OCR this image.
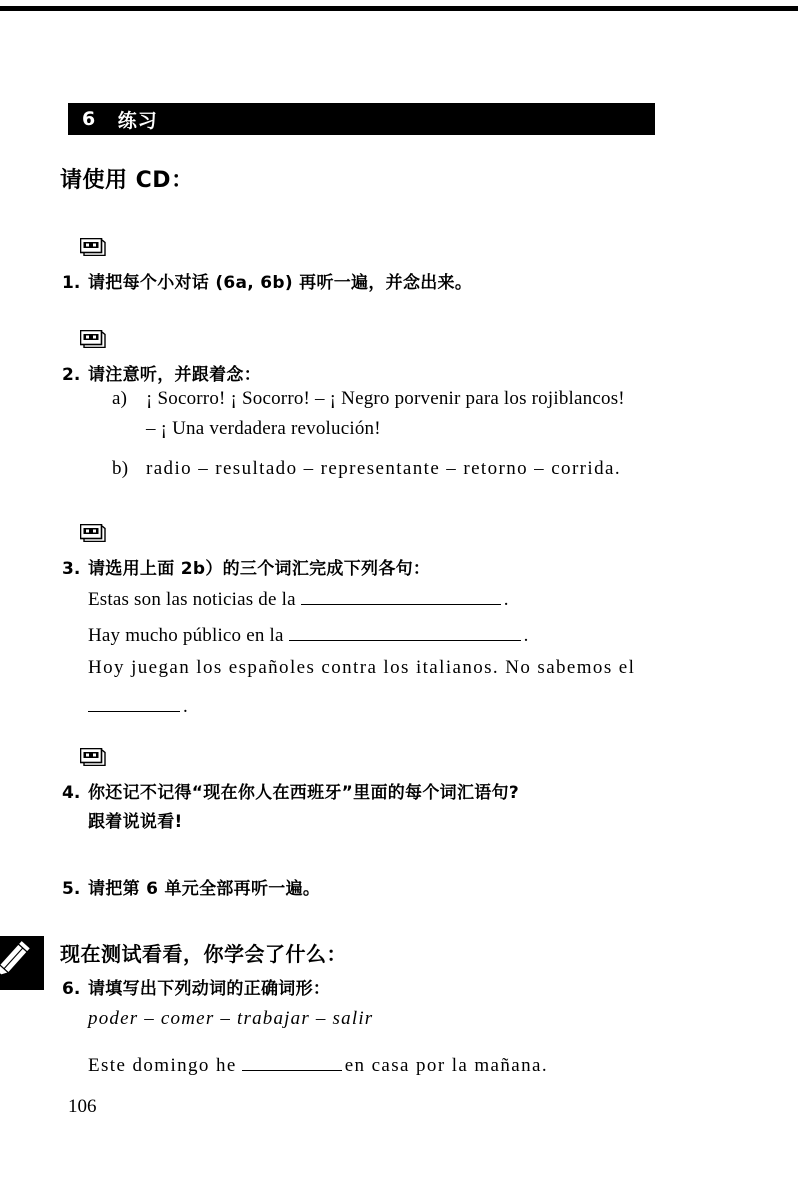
6 练习
请使用 CD：
1. 请把每个小对话 (6a, 6b) 再听一遍，并念出来。
2. 请注意听，并跟着念：
a) ¡ Socorro! ¡ Socorro! – ¡ Negro porvenir para los rojiblancos!
– ¡ Una verdadera revolución!
b) radio – resultado – representante – retorno – corrida.
3. 请选用上面 2b）的三个词汇完成下列各句：
Estas son las noticias de la	.
Hay mucho público en la	.
Hoy juegan los españoles contra los italianos. No sabemos el
.
4. 你还记不记得“现在你人在西班牙”里面的每个词汇语句?
跟着说说看!
5. 请把第 6 单元全部再听一遍。
现在测试看看，你学会了什么：
6. 请填写出下列动词的正确词形：
poder – comer – trabajar – salir
Este domingo he	en casa por la mañana.
106
